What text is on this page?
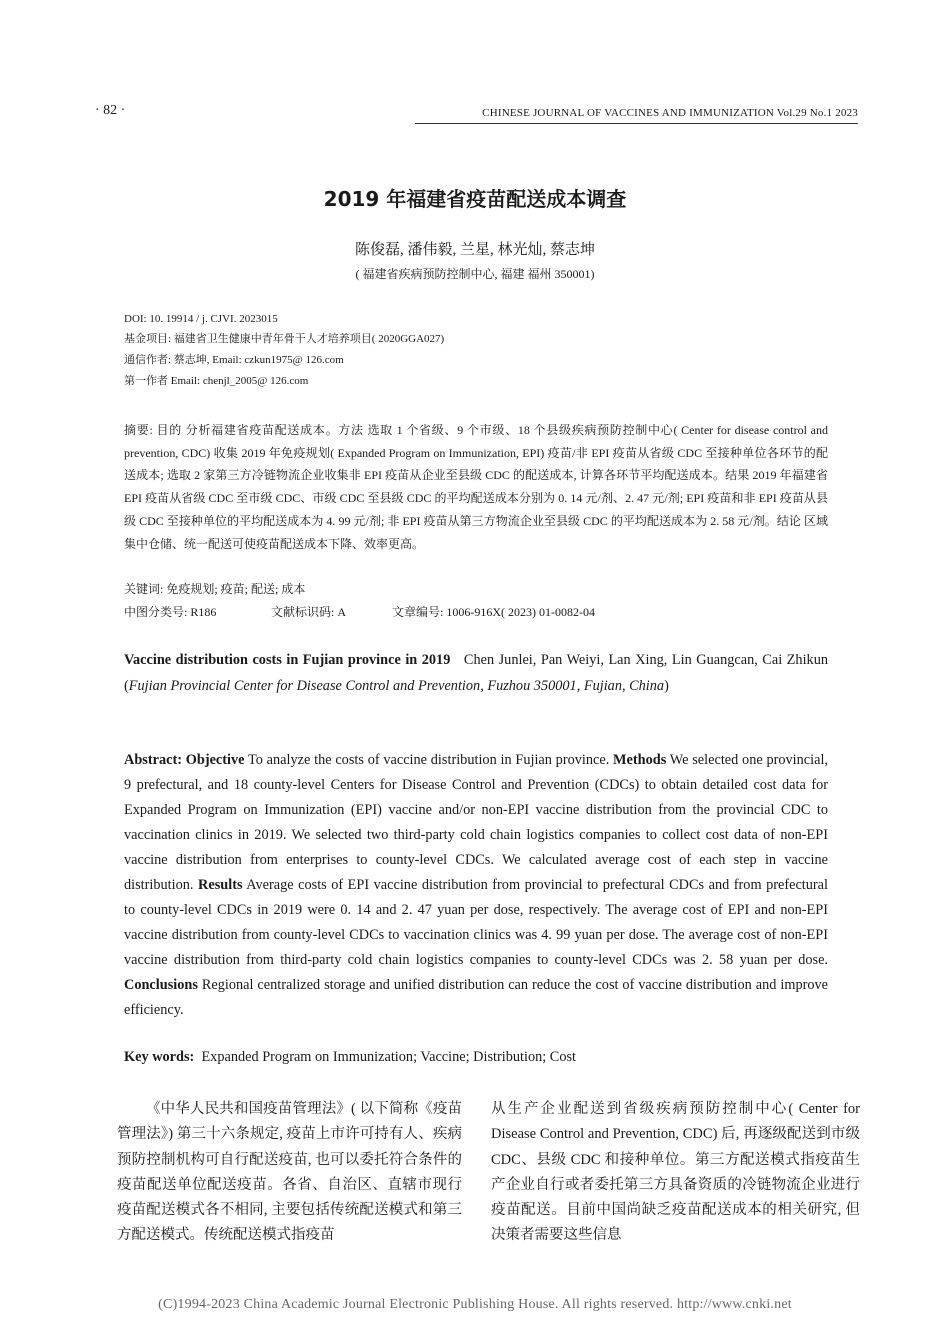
· 82 ·	CHINESE JOURNAL OF VACCINES AND IMMUNIZATION Vol.29 No.1 2023
2019 年福建省疫苗配送成本调查
陈俊磊, 潘伟毅, 兰星, 林光灿, 蔡志坤
( 福建省疾病预防控制中心, 福建 福州 350001)
DOI: 10. 19914 / j. CJVI. 2023015
基金项目: 福建省卫生健康中青年骨干人才培养项目( 2020GGA027)
通信作者: 蔡志坤, Email: czkun1975@ 126.com
第一作者 Email: chenjl_2005@ 126.com
摘要: 目的 分析福建省疫苗配送成本。方法 选取 1 个省级、9 个市级、18 个县级疾病预防控制中心( Center for disease control and prevention, CDC) 收集 2019 年免疫规划( Expanded Program on Immunization, EPI) 疫苗/非 EPI 疫苗从省级 CDC 至接种单位各环节的配送成本; 选取 2 家第三方冷链物流企业收集非 EPI 疫苗从企业至县级 CDC 的配送成本, 计算各环节平均配送成本。结果 2019 年福建省 EPI 疫苗从省级 CDC 至市级 CDC、市级 CDC 至县级 CDC 的平均配送成本分别为 0. 14 元/剂、2. 47 元/剂; EPI 疫苗和非 EPI 疫苗从县级 CDC 至接种单位的平均配送成本为 4. 99 元/剂; 非 EPI 疫苗从第三方物流企业至县级 CDC 的平均配送成本为 2. 58 元/剂。结论 区域集中仓储、统一配送可使疫苗配送成本下降、效率更高。
关键词: 免疫规划; 疫苗; 配送; 成本
中图分类号: R186	文献标识码: A	文章编号: 1006-916X( 2023) 01-0082-04
Vaccine distribution costs in Fujian province in 2019 Chen Junlei, Pan Weiyi, Lan Xing, Lin Guangcan, Cai Zhikun (Fujian Provincial Center for Disease Control and Prevention, Fuzhou 350001, Fujian, China)
Abstract: Objective To analyze the costs of vaccine distribution in Fujian province. Methods We selected one provincial, 9 prefectural, and 18 county-level Centers for Disease Control and Prevention (CDCs) to obtain detailed cost data for Expanded Program on Immunization (EPI) vaccine and/or non-EPI vaccine distribution from the provincial CDC to vaccination clinics in 2019. We selected two third-party cold chain logistics companies to collect cost data of non-EPI vaccine distribution from enterprises to county-level CDCs. We calculated average cost of each step in vaccine distribution. Results Average costs of EPI vaccine distribution from provincial to prefectural CDCs and from prefectural to county-level CDCs in 2019 were 0. 14 and 2. 47 yuan per dose, respectively. The average cost of EPI and non-EPI vaccine distribution from county-level CDCs to vaccination clinics was 4. 99 yuan per dose. The average cost of non-EPI vaccine distribution from third-party cold chain logistics companies to county-level CDCs was 2. 58 yuan per dose. Conclusions Regional centralized storage and unified distribution can reduce the cost of vaccine distribution and improve efficiency.
Key words: Expanded Program on Immunization; Vaccine; Distribution; Cost
《中华人民共和国疫苗管理法》( 以下简称《疫苗管理法》) 第三十六条规定, 疫苗上市许可持有人、疾病预防控制机构可自行配送疫苗, 也可以委托符合条件的疫苗配送单位配送疫苗。各省、自治区、直辖市现行疫苗配送模式各不相同, 主要包括传统配送模式和第三方配送模式。传统配送模式指疫苗
从生产企业配送到省级疾病预防控制中心( Center for Disease Control and Prevention, CDC) 后, 再逐级配送到市级 CDC、县级 CDC 和接种单位。第三方配送模式指疫苗生产企业自行或者委托第三方具备资质的冷链物流企业进行疫苗配送。目前中国尚缺乏疫苗配送成本的相关研究, 但决策者需要这些信息
(C)1994-2023 China Academic Journal Electronic Publishing House. All rights reserved. http://www.cnki.net
